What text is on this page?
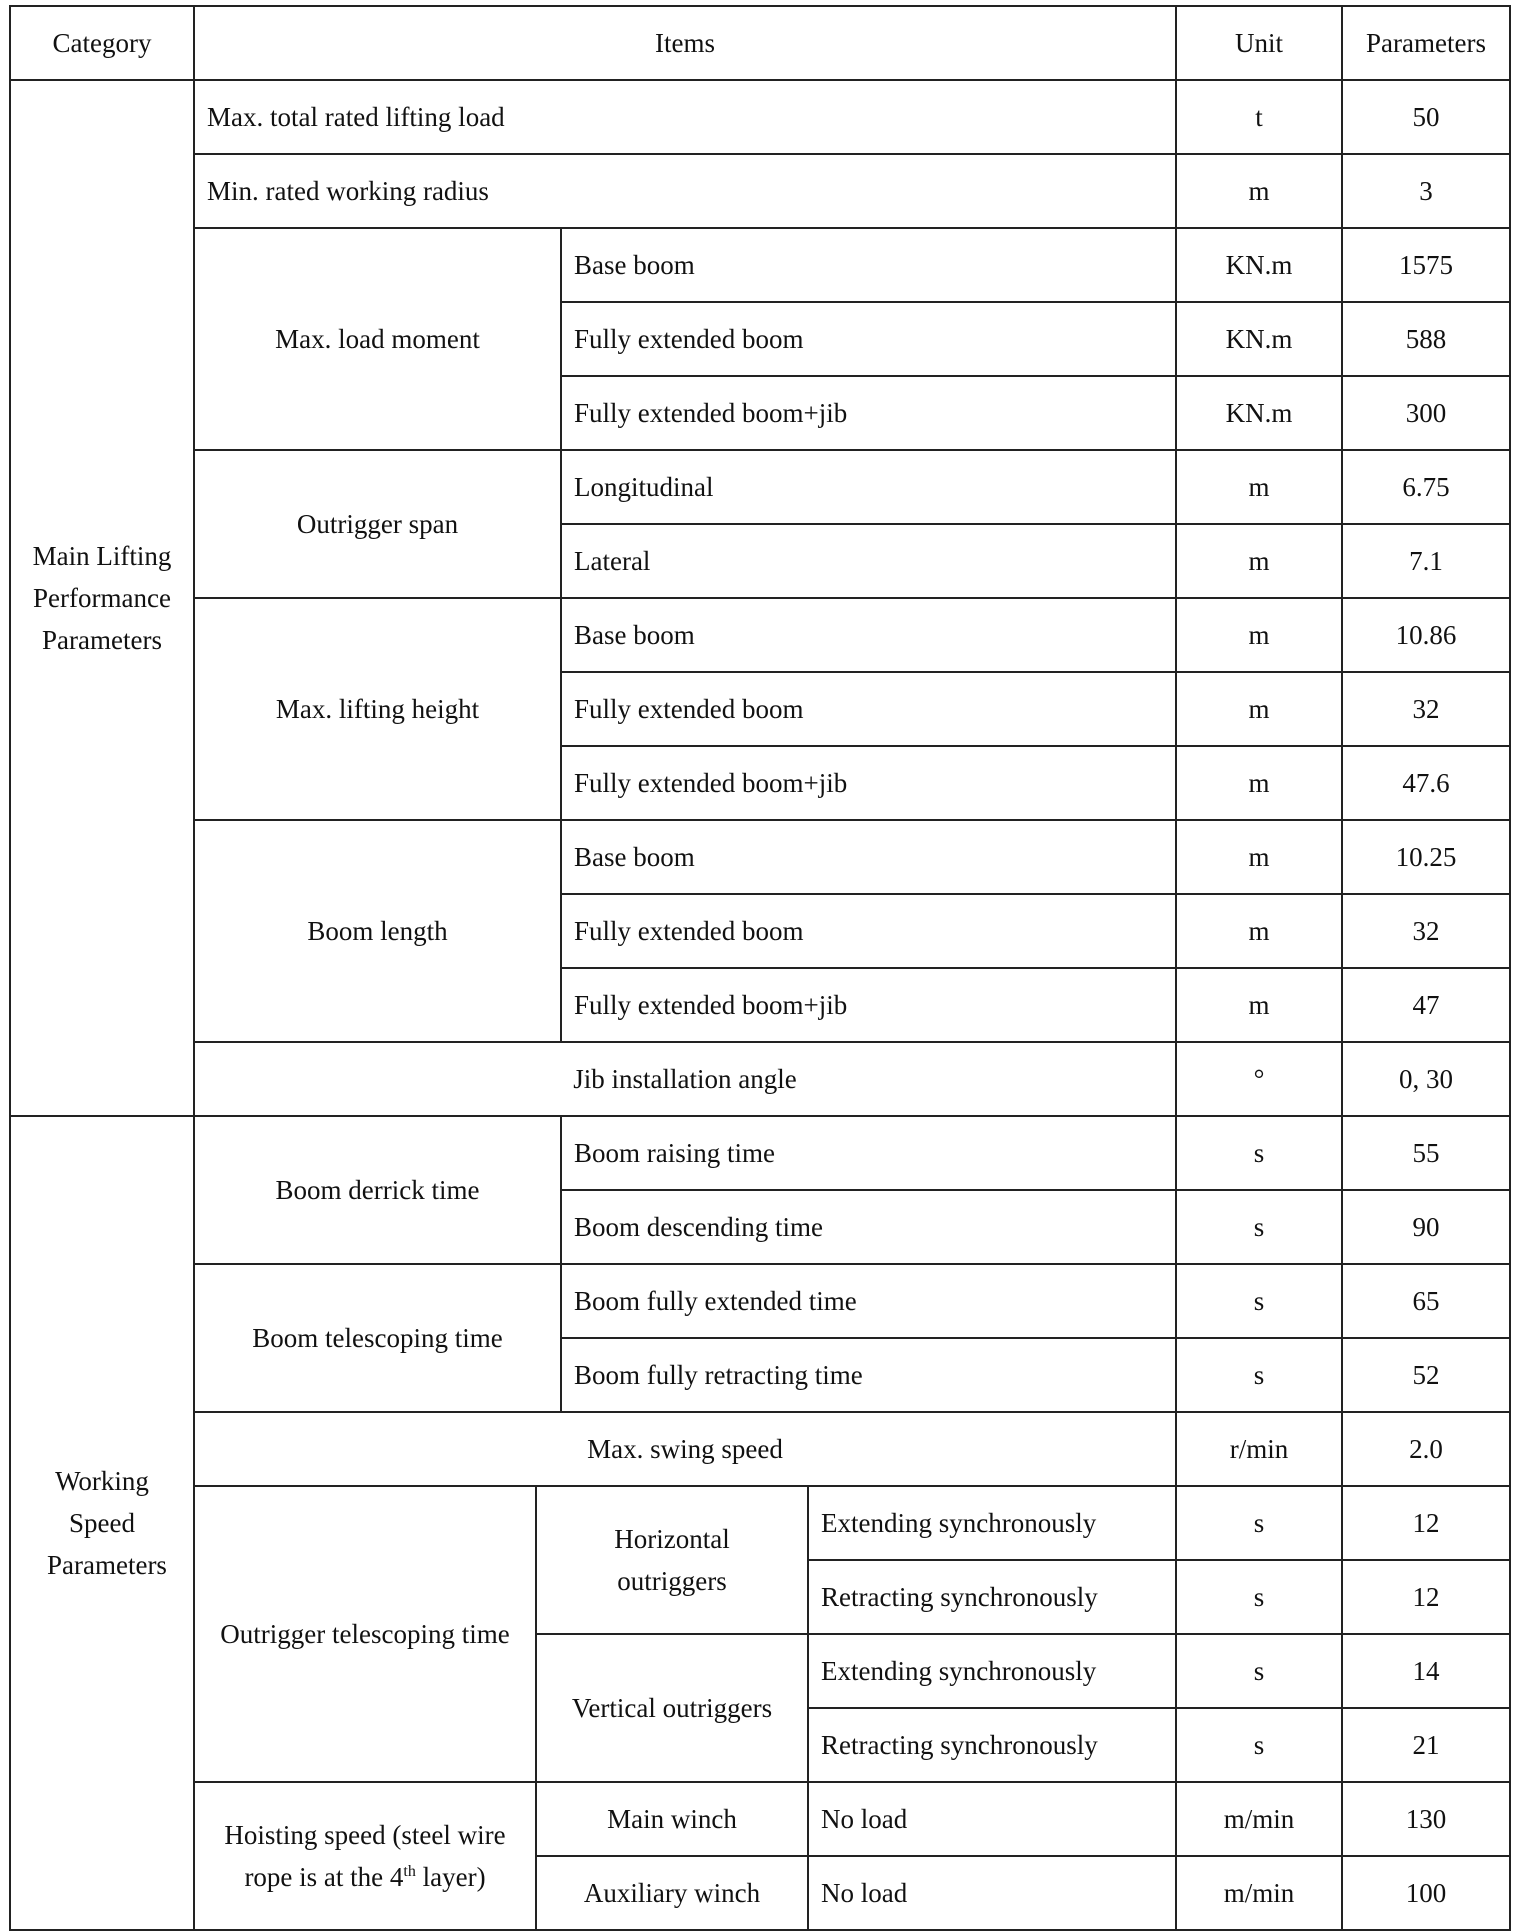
Category	Items				Unit	Parameters
Main Lifting Performance Parameters	Max. total rated lifting load				t	50
	Min. rated working radius				m	3
	Max. load moment		Base boom		KN.m	1575
			Fully extended boom		KN.m	588
			Fully extended boom+jib		KN.m	300
	Outrigger span		Longitudinal		m	6.75
			Lateral		m	7.1
	Max. lifting height		Base boom		m	10.86
			Fully extended boom		m	32
			Fully extended boom+jib		m	47.6
	Boom length		Base boom		m	10.25
			Fully extended boom		m	32
			Fully extended boom+jib		m	47
	Jib installation angle				°	0, 30
Working Speed Parameters	Boom derrick time		Boom raising time		s	55
			Boom descending time		s	90
	Boom telescoping time		Boom fully extended time		s	65
			Boom fully retracting time		s	52
	Max. swing speed				r/min	2.0
	Outrigger telescoping time	Horizontal outriggers		Extending synchronously	s	12
				Retracting synchronously	s	12
		Vertical outriggers		Extending synchronously	s	14
				Retracting synchronously	s	21
	Hoisting speed (steel wire rope is at the 4th layer)	Main winch		No load	m/min	130
		Auxiliary winch		No load	m/min	100
